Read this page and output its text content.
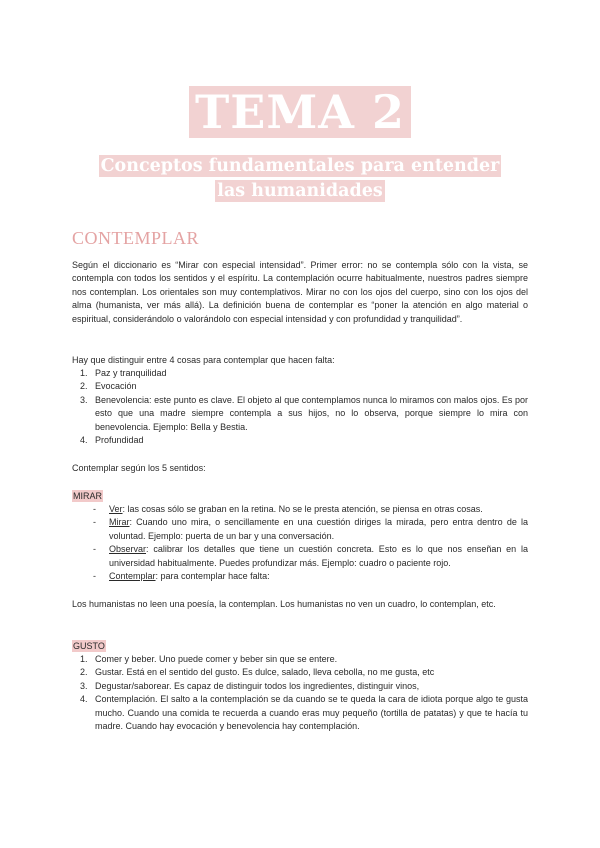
TEMA 2
Conceptos fundamentales para entender las humanidades
CONTEMPLAR

Según el diccionario es “Mirar con especial intensidad”. Primer error: no se contempla sólo con la vista, se contempla con todos los sentidos y el espíritu. La contemplación ocurre habitualmente, nuestros padres siempre nos contemplan. Los orientales son muy contemplativos. Mirar no con los ojos del cuerpo, sino con los ojos del alma (humanista, ver más allá). La definición buena de contemplar es “poner la atención en algo material o espiritual, considerándolo o valorándolo con especial intensidad y con profundidad y tranquilidad”.

Hay que distinguir entre 4 cosas para contemplar que hacen falta:

1. Paz y tranquilidad
2. Evocación
3. Benevolencia: este punto es clave. El objeto al que contemplamos nunca lo miramos con malos ojos. Es por esto que una madre siempre contempla a sus hijos, no lo observa, porque siempre lo mira con benevolencia. Ejemplo: Bella y Bestia.
4. Profundidad

Contemplar según los 5 sentidos:

MIRAR
- Ver: las cosas sólo se graban en la retina. No se le presta atención, se piensa en otras cosas.
- Mirar: Cuando uno mira, o sencillamente en una cuestión diriges la mirada, pero entra dentro de la voluntad. Ejemplo: puerta de un bar y una conversación.
- Observar: calibrar los detalles que tiene un cuestión concreta. Esto es lo que nos enseñan en la universidad habitualmente. Puedes profundizar más. Ejemplo: cuadro o paciente rojo.
- Contemplar: para contemplar hace falta:

Los humanistas no leen una poesía, la contemplan. Los humanistas no ven un cuadro, lo contemplan, etc.

GUSTO
1. Comer y beber. Uno puede comer y beber sin que se entere.
2. Gustar. Está en el sentido del gusto. Es dulce, salado, lleva cebolla, no me gusta, etc
3. Degustar/saborear. Es capaz de distinguir todos los ingredientes, distinguir vinos,
4. Contemplación. El salto a la contemplación se da cuando se te queda la cara de idiota porque algo te gusta mucho. Cuando una comida te recuerda a cuando eras muy pequeño (tortilla de patatas) y que te hacía tu madre. Cuando hay evocación y benevolencia hay contemplación.
